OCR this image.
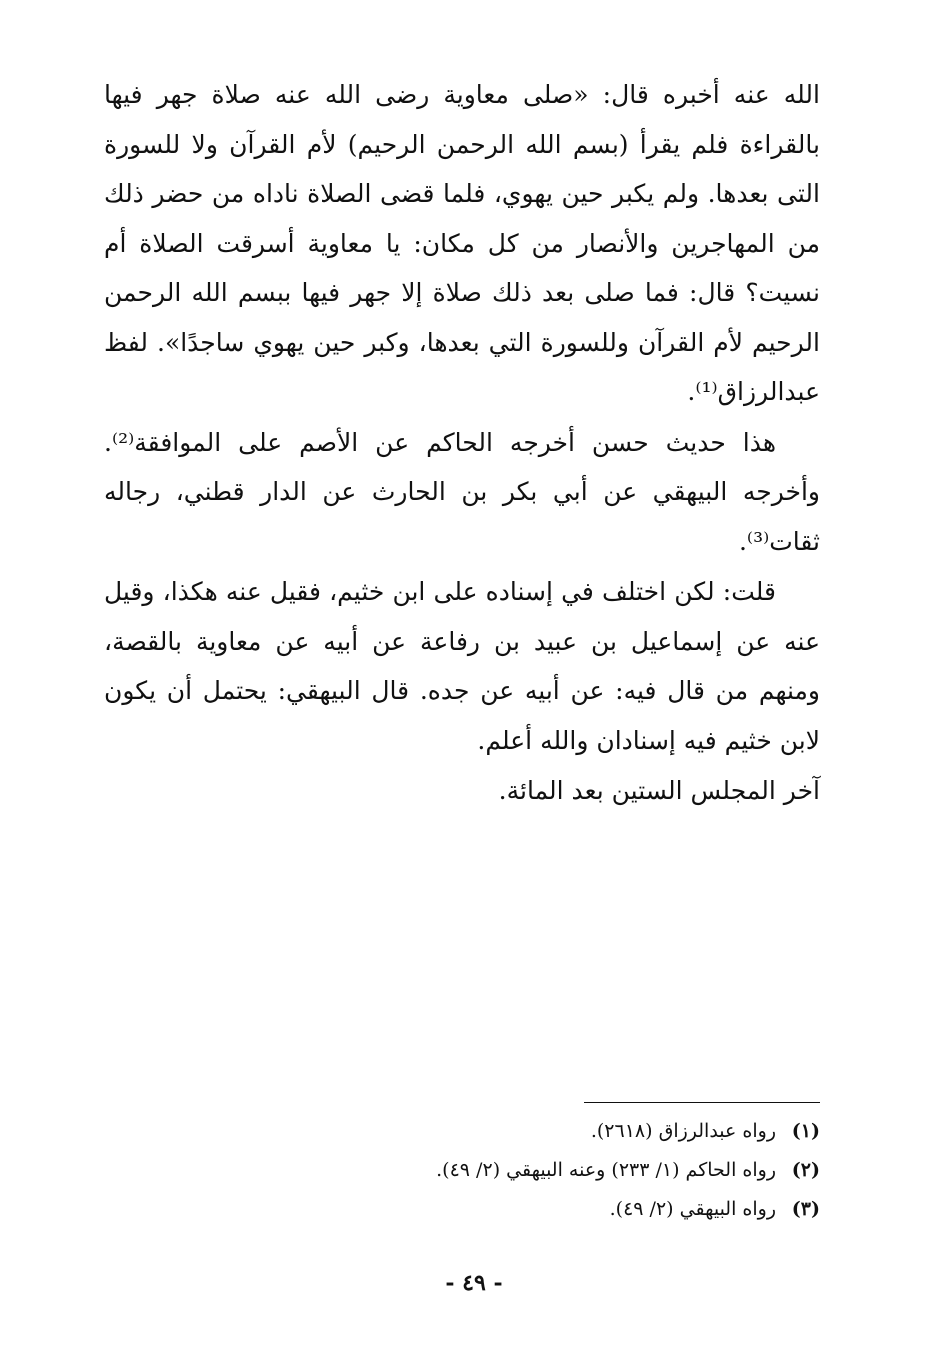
الله عنه أخبره قال: «صلى معاوية رضى الله عنه صلاة جهر فيها بالقراءة فلم يقرأ (بسم الله الرحمن الرحيم) لأم القرآن ولا للسورة التى بعدها. ولم يكبر حين يهوي، فلما قضى الصلاة ناداه من حضر ذلك من المهاجرين والأنصار من كل مكان: يا معاوية أسرقت الصلاة أم نسيت؟ قال: فما صلى بعد ذلك صلاة إلا جهر فيها ببسم الله الرحمن الرحيم لأم القرآن وللسورة التي بعدها، وكبر حين يهوي ساجدًا». لفظ عبدالرزاق⁽¹⁾.

هذا حديث حسن أخرجه الحاكم عن الأصم على الموافقة⁽²⁾. وأخرجه البيهقي عن أبي بكر بن الحارث عن الدار قطني، رجاله ثقات⁽³⁾.

قلت: لكن اختلف في إسناده على ابن خثيم، فقيل عنه هكذا، وقيل عنه عن إسماعيل بن عبيد بن رفاعة عن أبيه عن معاوية بالقصة، ومنهم من قال فيه: عن أبيه عن جده. قال البيهقي: يحتمل أن يكون لابن خثيم فيه إسنادان والله أعلم.

آخر المجلس الستين بعد المائة.

(١)
رواه عبدالرزاق (٢٦١٨).
(٢)
رواه الحاكم (١/ ٢٣٣) وعنه البيهقي (٢/ ٤٩).
(٣)
رواه البيهقي (٢/ ٤٩).
- ٤٩ -
